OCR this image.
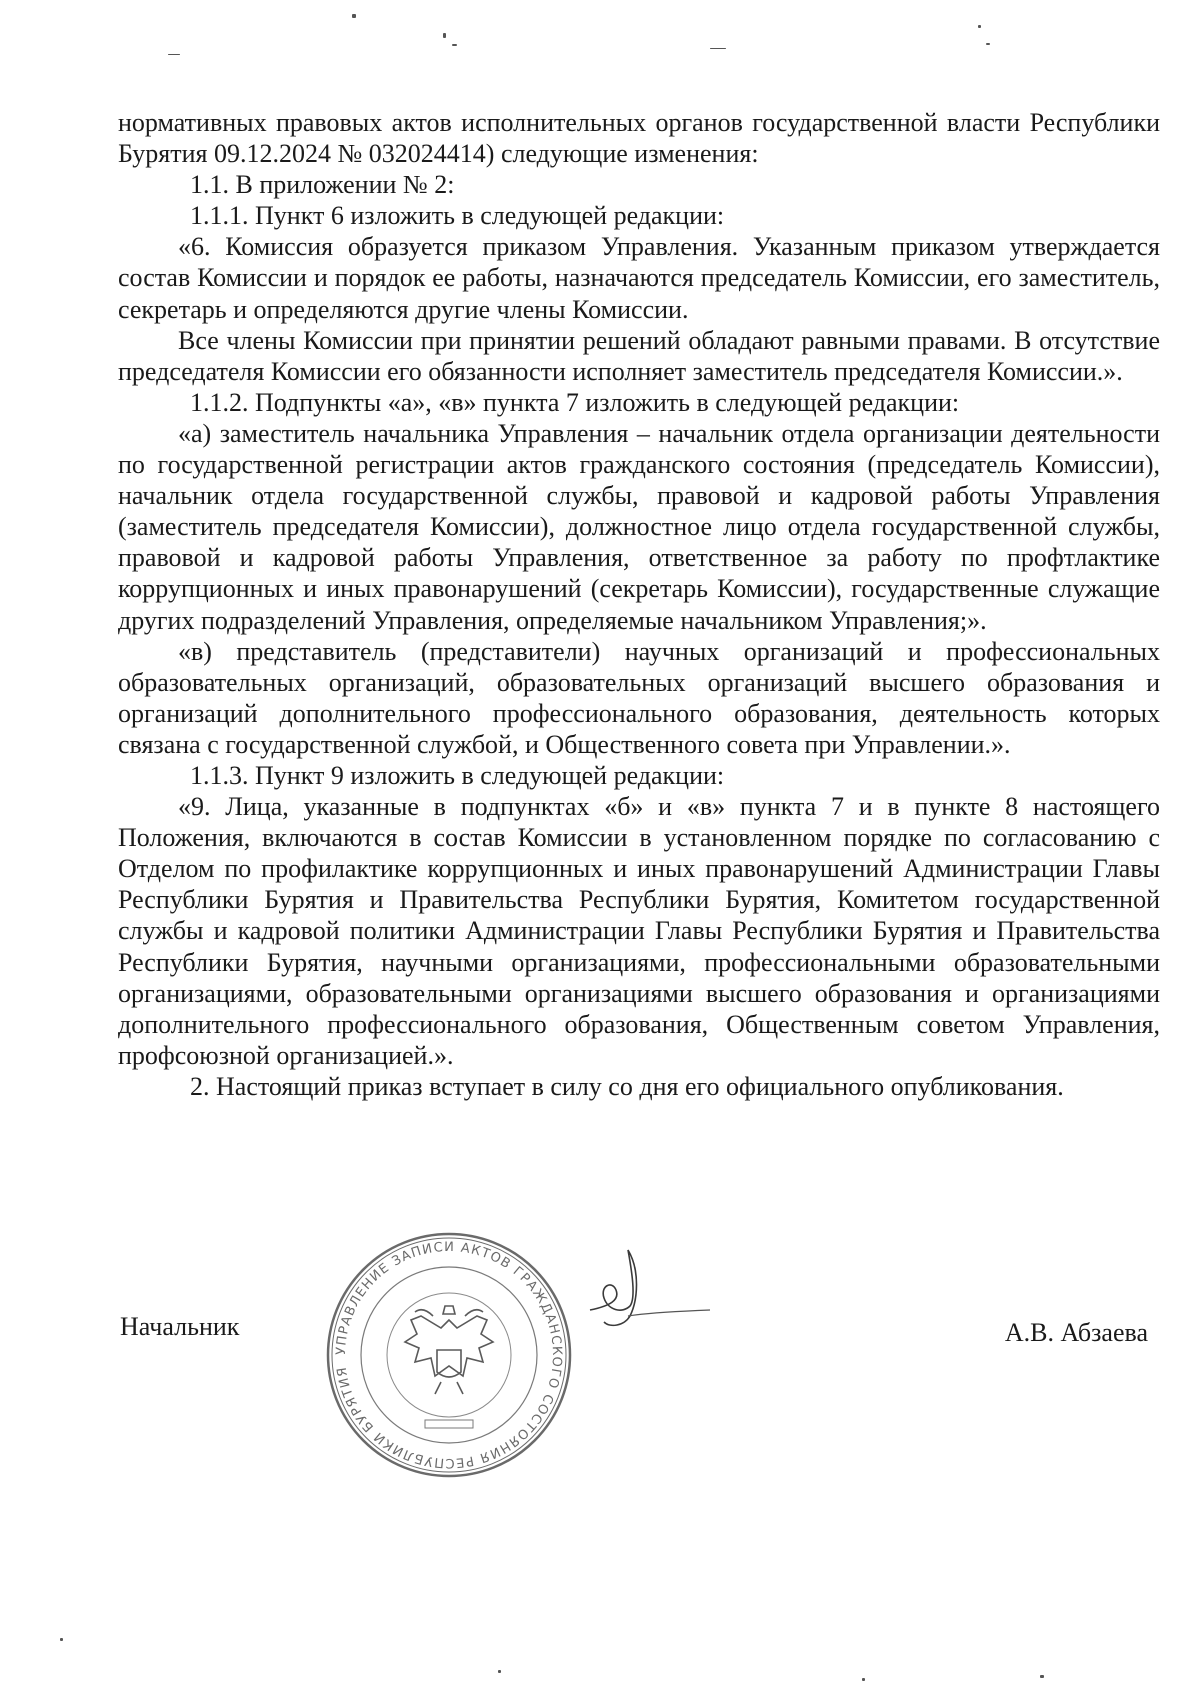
нормативных правовых актов исполнительных органов государственной власти Республики Бурятия 09.12.2024 № 032024414) следующие изменения:

1.1. В приложении № 2:

1.1.1. Пункт 6 изложить в следующей редакции:

«6. Комиссия образуется приказом Управления. Указанным приказом утверждается состав Комиссии и порядок ее работы, назначаются председатель Комиссии, его заместитель, секретарь и определяются другие члены Комиссии.

Все члены Комиссии при принятии решений обладают равными правами. В отсутствие председателя Комиссии его обязанности исполняет заместитель председателя Комиссии.».

1.1.2. Подпункты «а», «в» пункта 7 изложить в следующей редакции:

«а) заместитель начальника Управления – начальник отдела организации деятельности по государственной регистрации актов гражданского состояния (председатель Комиссии), начальник отдела государственной службы, правовой и кадровой работы Управления (заместитель председателя Комиссии), должностное лицо отдела государственной службы, правовой и кадровой работы Управления, ответственное за работу по профтлактике коррупционных и иных правонарушений (секретарь Комиссии), государственные служащие других подразделений Управления, определяемые начальником Управления;».

«в) представитель (представители) научных организаций и профессиональных образовательных организаций, образовательных организаций высшего образования и организаций дополнительного профессионального образования, деятельность которых связана с государственной службой, и Общественного совета при Управлении.».

1.1.3. Пункт 9 изложить в следующей редакции:

«9. Лица, указанные в подпунктах «б» и «в» пункта 7 и в пункте 8 настоящего Положения, включаются в состав Комиссии в установленном порядке по согласованию с Отделом по профилактике коррупционных и иных правонарушений Администрации Главы Республики Бурятия и Правительства Республики Бурятия, Комитетом государственной службы и кадровой политики Администрации Главы Республики Бурятия и Правительства Республики Бурятия, научными организациями, профессиональными образовательными организациями, образовательными организациями высшего образования и организациями дополнительного профессионального образования, Общественным советом Управления, профсоюзной организацией.».

2. Настоящий приказ вступает в силу со дня его официального опубликования.

УПРАВЛЕНИЕ ЗАПИСИ АКТОВ ГРАЖДАНСКОГО СОСТОЯНИЯ РЕСПУБЛИКИ БУРЯТИЯ
Начальник	А.В. Абзаева
